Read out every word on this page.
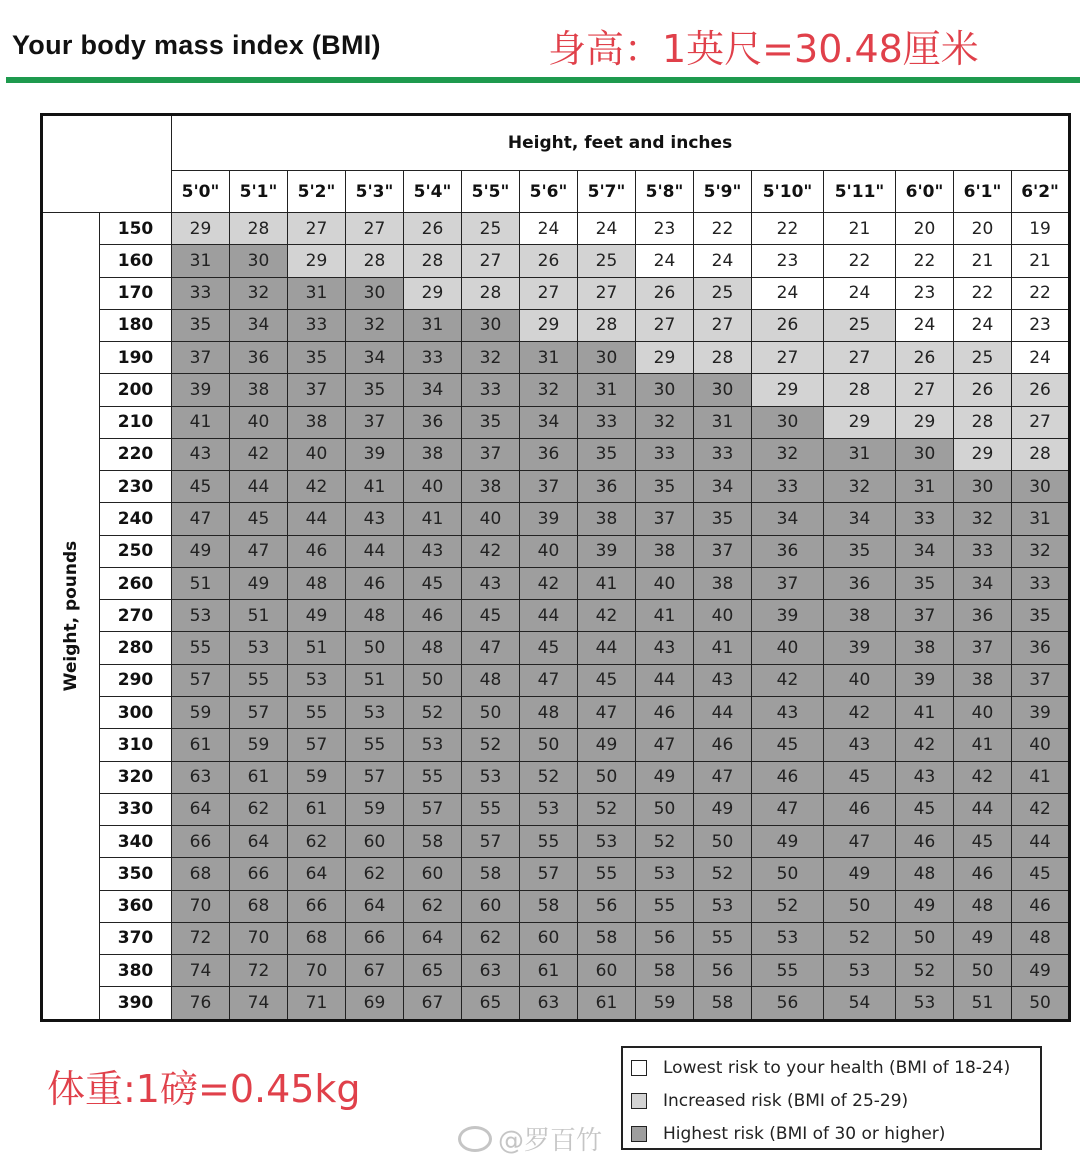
Your body mass index (BMI)	身高：1英尺=30.48厘米
		Height, feet and inches														
		5'0"	5'1"	5'2"	5'3"	5'4"	5'5"	5'6"	5'7"	5'8"	5'9"	5'10"	5'11"	6'0"	6'1"	6'2"

Weight, pounds	150	29	28	27	27	26	25	24	24	23	22	22	21	20	20	19
	160	31	30	29	28	28	27	26	25	24	24	23	22	22	21	21
	170	33	32	31	30	29	28	27	27	26	25	24	24	23	22	22
	180	35	34	33	32	31	30	29	28	27	27	26	25	24	24	23
	190	37	36	35	34	33	32	31	30	29	28	27	27	26	25	24
	200	39	38	37	35	34	33	32	31	30	30	29	28	27	26	26
	210	41	40	38	37	36	35	34	33	32	31	30	29	29	28	27
	220	43	42	40	39	38	37	36	35	33	33	32	31	30	29	28
	230	45	44	42	41	40	38	37	36	35	34	33	32	31	30	30
	240	47	45	44	43	41	40	39	38	37	35	34	34	33	32	31
	250	49	47	46	44	43	42	40	39	38	37	36	35	34	33	32
	260	51	49	48	46	45	43	42	41	40	38	37	36	35	34	33
	270	53	51	49	48	46	45	44	42	41	40	39	38	37	36	35
	280	55	53	51	50	48	47	45	44	43	41	40	39	38	37	36
	290	57	55	53	51	50	48	47	45	44	43	42	40	39	38	37
	300	59	57	55	53	52	50	48	47	46	44	43	42	41	40	39
	310	61	59	57	55	53	52	50	49	47	46	45	43	42	41	40
	320	63	61	59	57	55	53	52	50	49	47	46	45	43	42	41
	330	64	62	61	59	57	55	53	52	50	49	47	46	45	44	42
	340	66	64	62	60	58	57	55	53	52	50	49	47	46	45	44
	350	68	66	64	62	60	58	57	55	53	52	50	49	48	46	45
	360	70	68	66	64	62	60	58	56	55	53	52	50	49	48	46
	370	72	70	68	66	64	62	60	58	56	55	53	52	50	49	48
	380	74	72	70	67	65	63	61	60	58	56	55	53	52	50	49
	390	76	74	71	69	67	65	63	61	59	58	56	54	53	51	50
体重:1磅=0.45kg	Lowest risk to your health (BMI of 18-24)
Increased risk (BMI of 25-29)
Highest risk (BMI of 30 or higher)
@罗百竹
